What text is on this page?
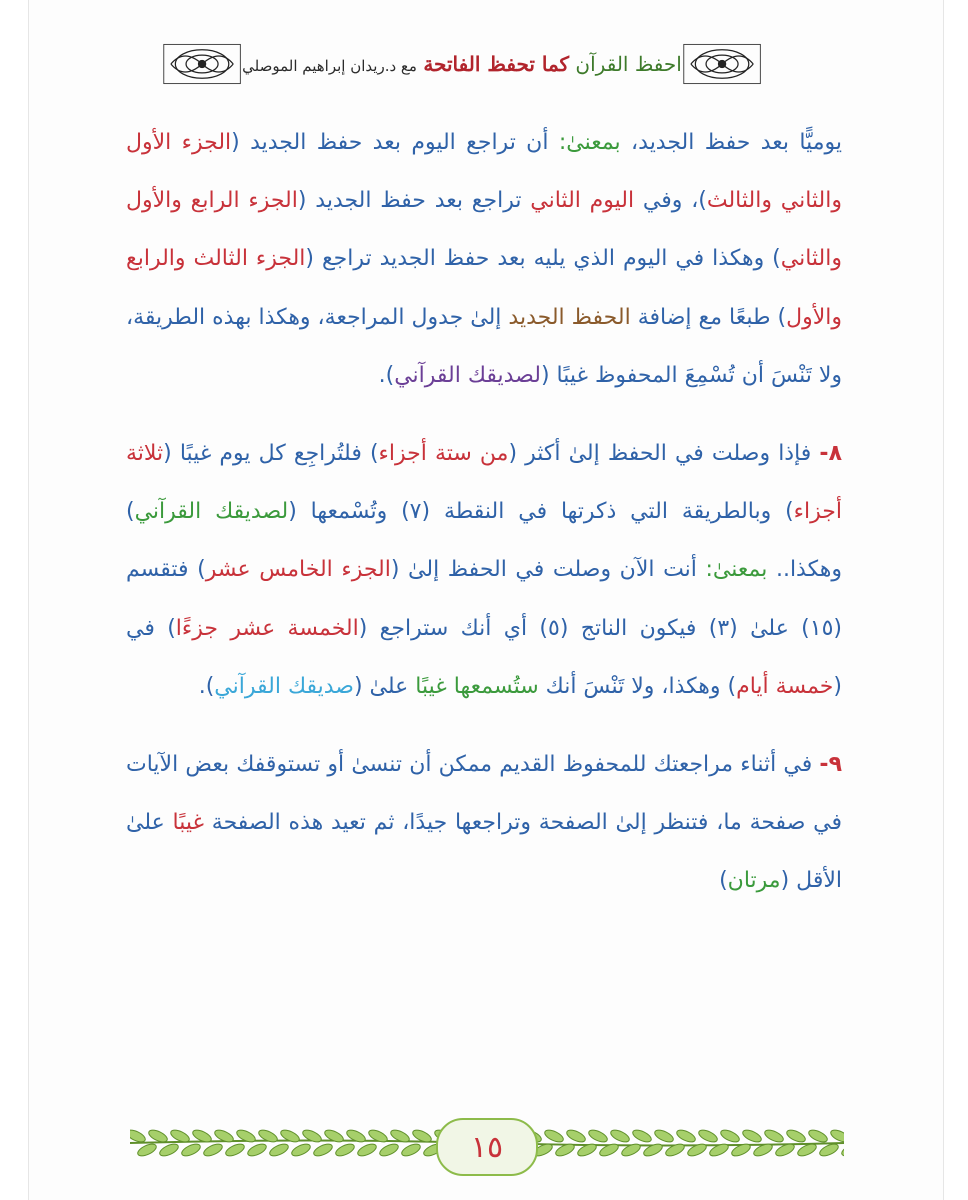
احفظ القرآن كما تحفظ الفاتحة مع د.ريدان إبراهيم الموصلي

يوميًّا بعد حفظ الجديد، بمعنىٰ: أن تراجع اليوم بعد حفظ الجديد (الجزء الأول والثاني والثالث)، وفي اليوم الثاني تراجع بعد حفظ الجديد (الجزء الرابع والأول والثاني) وهكذا في اليوم الذي يليه بعد حفظ الجديد تراجع (الجزء الثالث والرابع والأول) طبعًا مع إضافة الحفظ الجديد إلىٰ جدول المراجعة، وهكذا بهذه الطريقة، ولا تَنْسَ أن تُسْمِعَ المحفوظ غيبًا (لصديقك القرآني).

٨- فإذا وصلت في الحفظ إلىٰ أكثر (من ستة أجزاء) فلتُراجِع كل يوم غيبًا (ثلاثة أجزاء) وبالطريقة التي ذكرتها في النقطة (٧) وتُسْمعها (لصديقك القرآني) وهكذا.. بمعنىٰ: أنت الآن وصلت في الحفظ إلىٰ (الجزء الخامس عشر) فتقسم (١٥) علىٰ (٣) فيكون الناتج (٥) أي أنك ستراجع (الخمسة عشر جزءًا) في (خمسة أيام) وهكذا، ولا تَنْسَ أنك ستُسمعها غيبًا علىٰ (صديقك القرآني).

٩- في أثناء مراجعتك للمحفوظ القديم ممكن أن تنسىٰ أو تستوقفك بعض الآيات في صفحة ما، فتنظر إلىٰ الصفحة وتراجعها جيدًا، ثم تعيد هذه الصفحة غيبًا علىٰ الأقل (مرتان)

١٥
